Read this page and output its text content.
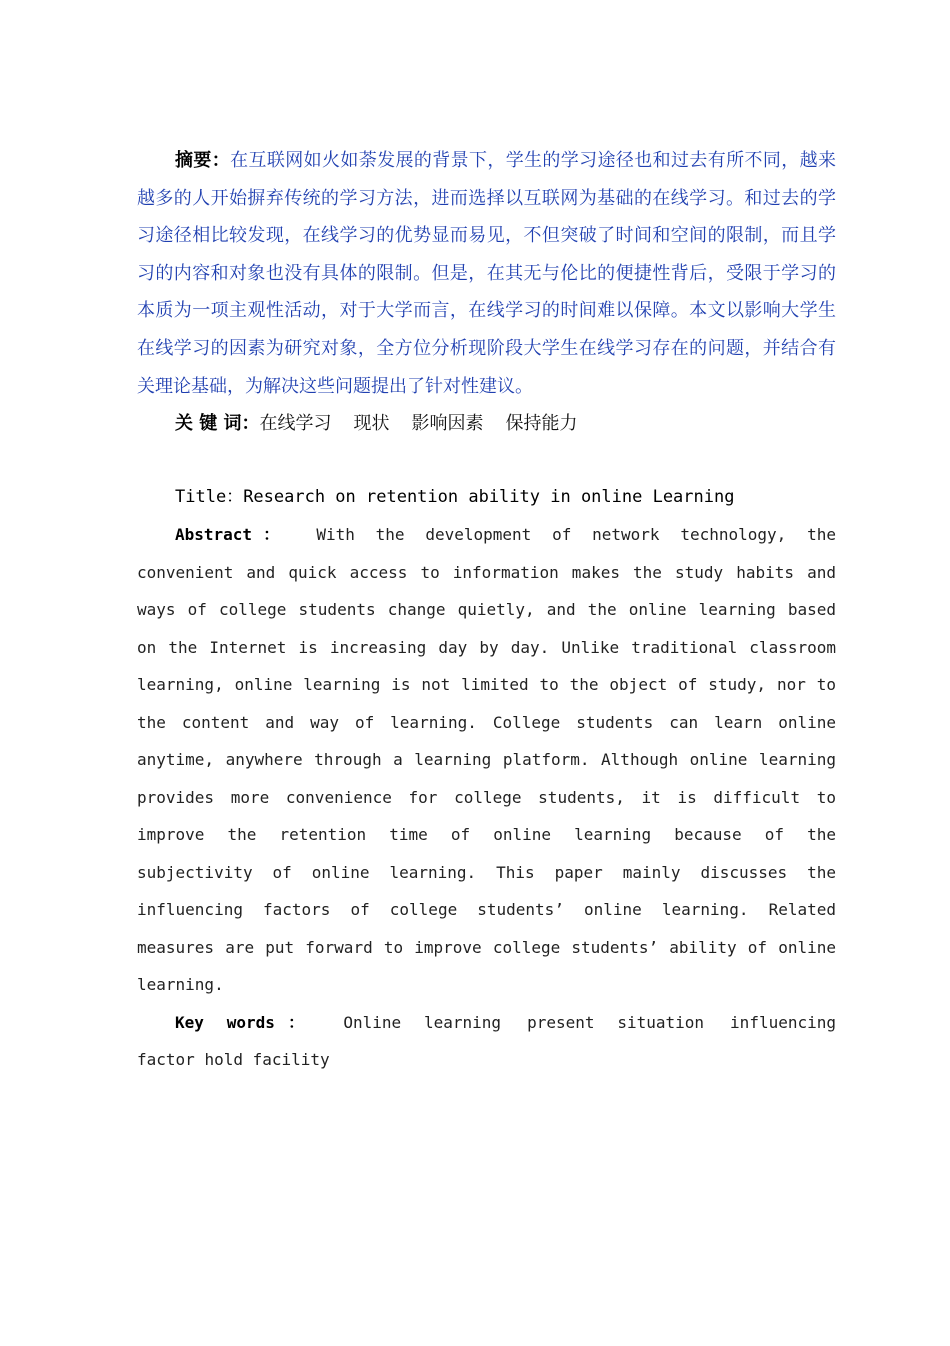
摘要：在互联网如火如荼发展的背景下，学生的学习途径也和过去有所不同，越来越多的人开始摒弃传统的学习方法，进而选择以互联网为基础的在线学习。和过去的学习途径相比较发现，在线学习的优势显而易见，不但突破了时间和空间的限制，而且学习的内容和对象也没有具体的限制。但是，在其无与伦比的便捷性背后，受限于学习的本质为一项主观性活动，对于大学而言，在线学习的时间难以保障。本文以影响大学生在线学习的因素为研究对象，全方位分析现阶段大学生在线学习存在的问题，并结合有关理论基础，为解决这些问题提出了针对性建议。

关 键 词：在线学习 现状 影响因素 保持能力

Title：Research on retention ability in online Learning

Abstract： With the development of network technology, the convenient and quick access to information makes the study habits and ways of college students change quietly, and the online learning based on the Internet is increasing day by day. Unlike traditional classroom learning, online learning is not limited to the object of study, nor to the content and way of learning. College students can learn online anytime, anywhere through a learning platform. Although online learning provides more convenience for college students, it is difficult to improve the retention time of online learning because of the subjectivity of online learning. This paper mainly discusses the influencing factors of college students’ online learning. Related measures are put forward to improve college students’ ability of online learning.

Key words： Online learning present situation influencing factor hold facility
